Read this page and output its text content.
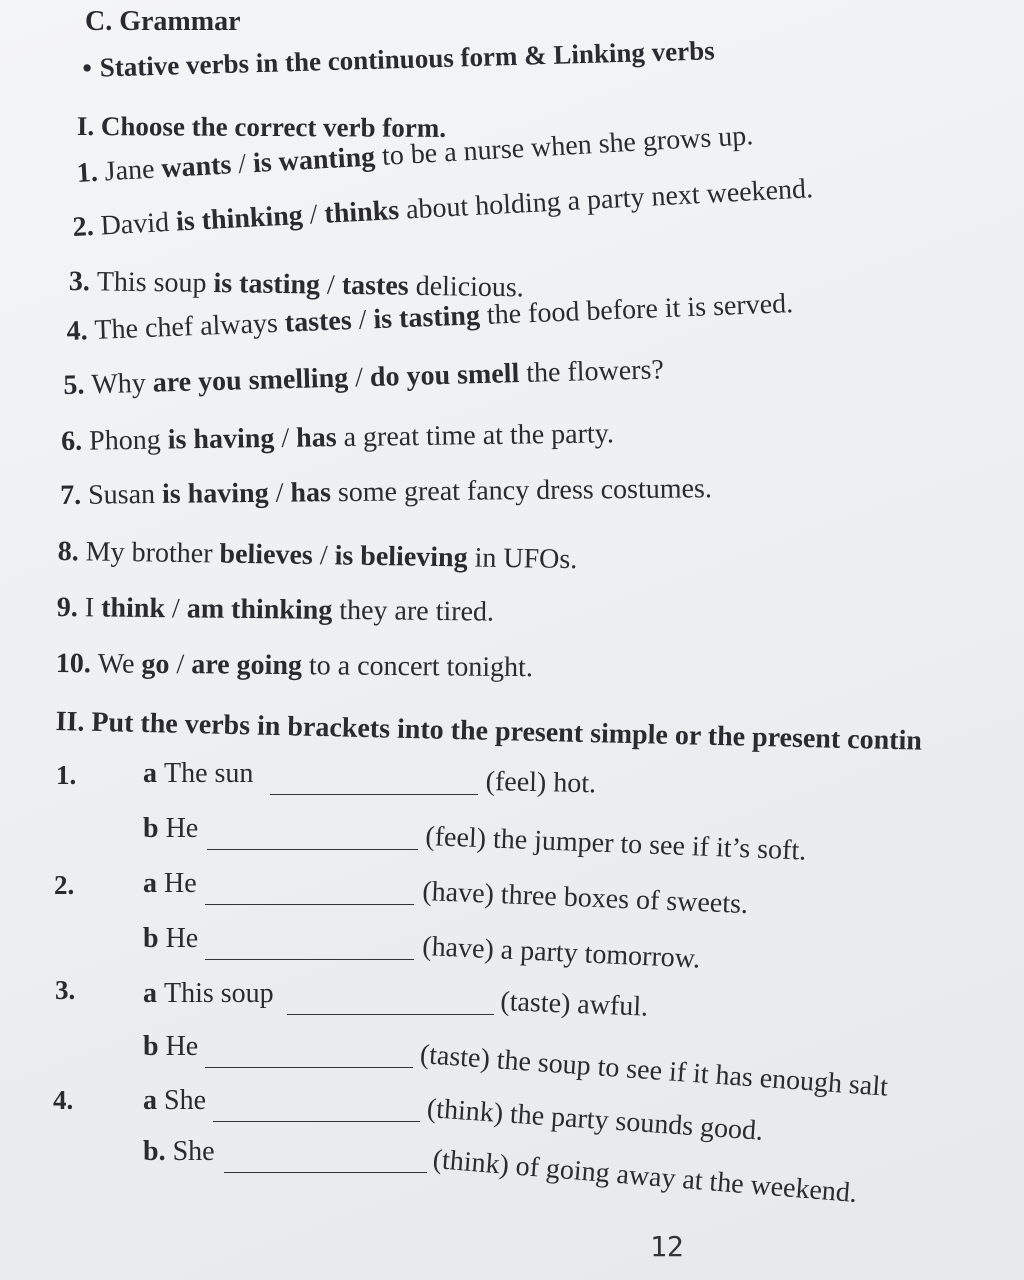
C. Grammar
• Stative verbs in the continuous form & Linking verbs
I. Choose the correct verb form.
1. Jane wants / is wanting to be a nurse when she grows up.
2. David is thinking / thinks about holding a party next weekend.
3. This soup is tasting / tastes delicious.
4. The chef always tastes / is tasting the food before it is served.
5. Why are you smelling / do you smell the flowers?
6. Phong is having / has a great time at the party.
7. Susan is having / has some great fancy dress costumes.
8. My brother believes / is believing in UFOs.
9. I think / am thinking they are tired.
10. We go / are going to a concert tonight.
II. Put the verbs in brackets into the present simple or the present contin
1. a The sun	(feel) hot.
b He	(feel) the jumper to see if it’s soft.
2. a He	(have) three boxes of sweets.
b He	(have) a party tomorrow.
3. a This soup	(taste) awful.
b He	(taste) the soup to see if it has enough salt
4. a She	(think) the party sounds good.
b. She	(think) of going away at the weekend.
12
